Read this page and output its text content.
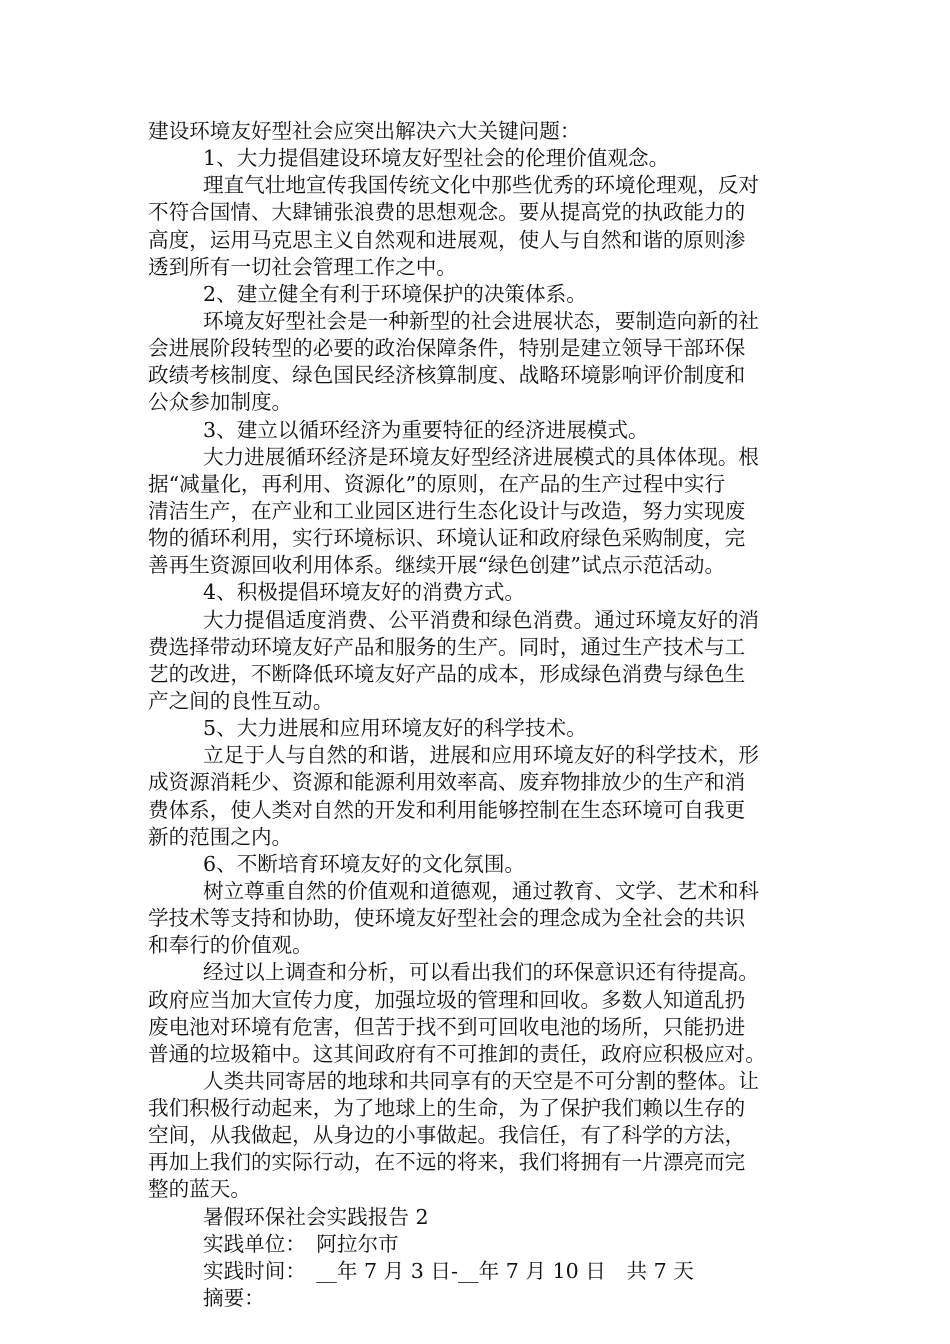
建设环境友好型社会应突出解决六大关键问题：
1、大力提倡建设环境友好型社会的伦理价值观念。
理直气壮地宣传我国传统文化中那些优秀的环境伦理观，反对
不符合国情、大肆铺张浪费的思想观念。要从提高党的执政能力的
高度，运用马克思主义自然观和进展观，使人与自然和谐的原则渗
透到所有一切社会管理工作之中。
2、建立健全有利于环境保护的决策体系。
环境友好型社会是一种新型的社会进展状态，要制造向新的社
会进展阶段转型的必要的政治保障条件，特别是建立领导干部环保
政绩考核制度、绿色国民经济核算制度、战略环境影响评价制度和
公众参加制度。
3、建立以循环经济为重要特征的经济进展模式。
大力进展循环经济是环境友好型经济进展模式的具体体现。根
据“减量化，再利用、资源化”的原则，在产品的生产过程中实行
清洁生产，在产业和工业园区进行生态化设计与改造，努力实现废
物的循环利用，实行环境标识、环境认证和政府绿色采购制度，完
善再生资源回收利用体系。继续开展“绿色创建”试点示范活动。
4、积极提倡环境友好的消费方式。
大力提倡适度消费、公平消费和绿色消费。通过环境友好的消
费选择带动环境友好产品和服务的生产。同时，通过生产技术与工
艺的改进，不断降低环境友好产品的成本，形成绿色消费与绿色生
产之间的良性互动。
5、大力进展和应用环境友好的科学技术。
立足于人与自然的和谐，进展和应用环境友好的科学技术，形
成资源消耗少、资源和能源利用效率高、废弃物排放少的生产和消
费体系，使人类对自然的开发和利用能够控制在生态环境可自我更
新的范围之内。
6、不断培育环境友好的文化氛围。
树立尊重自然的价值观和道德观，通过教育、文学、艺术和科
学技术等支持和协助，使环境友好型社会的理念成为全社会的共识
和奉行的价值观。
经过以上调查和分析，可以看出我们的环保意识还有待提高。
政府应当加大宣传力度，加强垃圾的管理和回收。多数人知道乱扔
废电池对环境有危害，但苦于找不到可回收电池的场所，只能扔进
普通的垃圾箱中。这其间政府有不可推卸的责任，政府应积极应对。
人类共同寄居的地球和共同享有的天空是不可分割的整体。让
我们积极行动起来，为了地球上的生命，为了保护我们赖以生存的
空间，从我做起，从身边的小事做起。我信任，有了科学的方法，
再加上我们的实际行动，在不远的将来，我们将拥有一片漂亮而完
整的蓝天。
暑假环保社会实践报告 2
实践单位：　阿拉尔市
实践时间：　__年 7 月 3 日-__年 7 月 10 日　共 7 天
摘要：
